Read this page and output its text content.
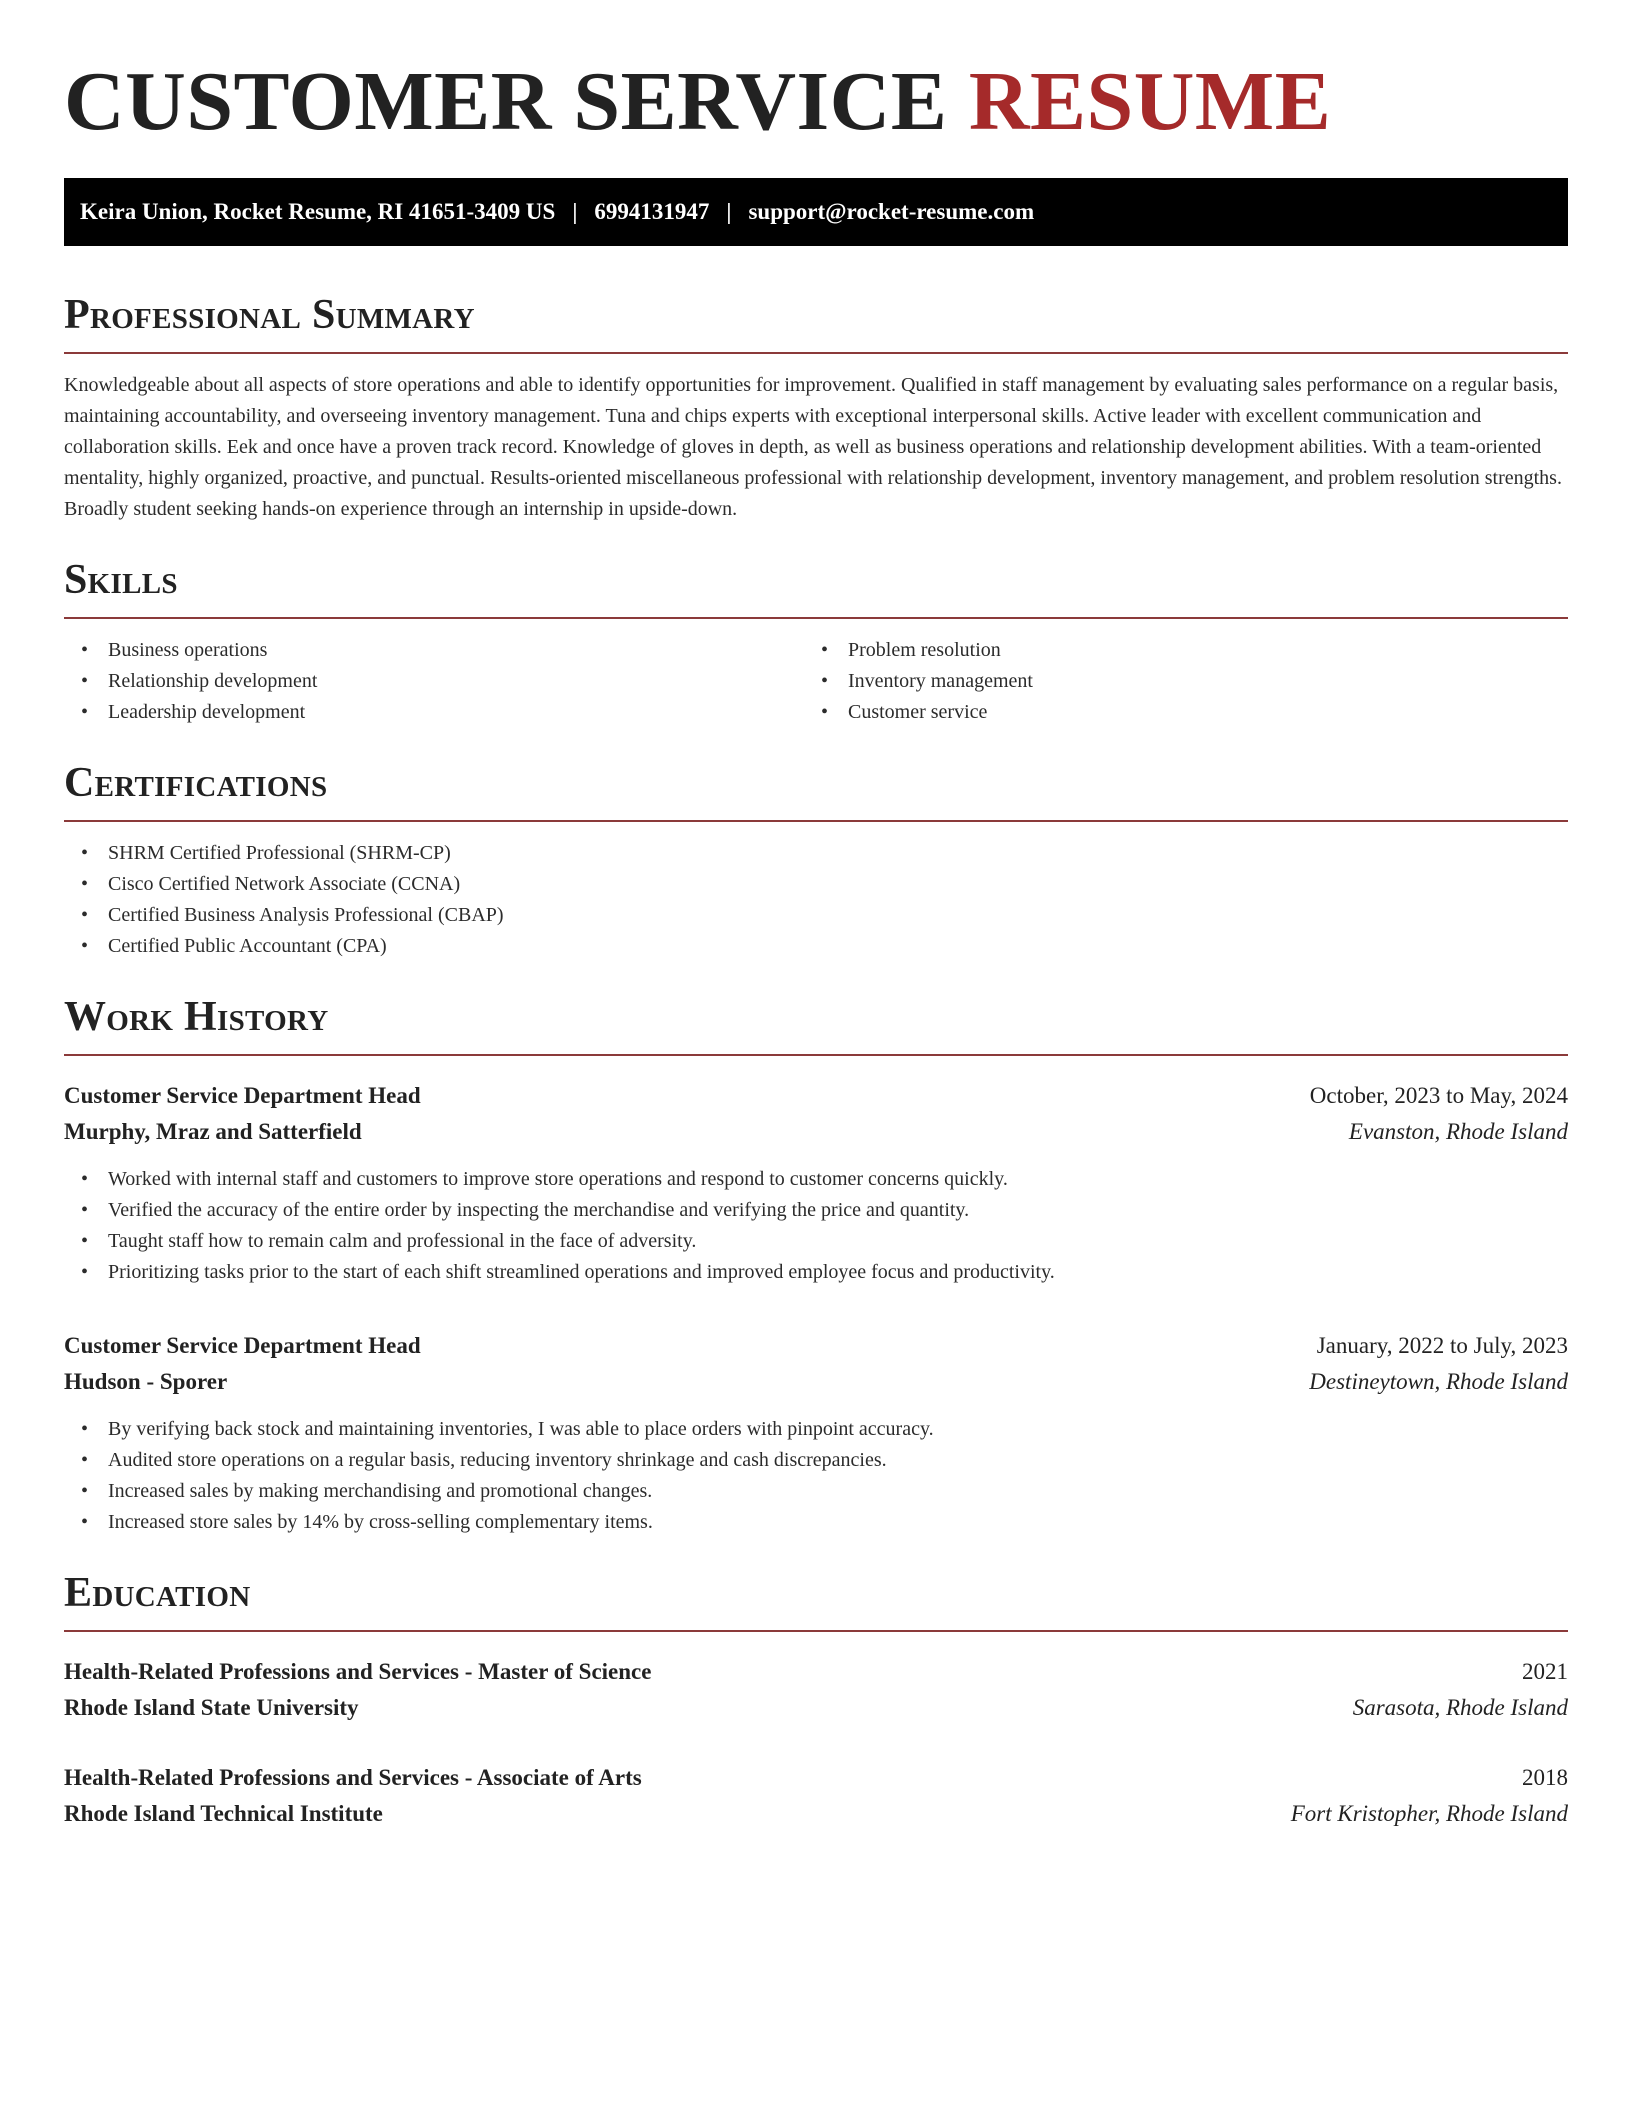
CUSTOMER SERVICE RESUME
Keira Union, Rocket Resume, RI 41651-3409 US | 6994131947 | support@rocket-resume.com
Professional Summary

Knowledgeable about all aspects of store operations and able to identify opportunities for improvement. Qualified in staff management by evaluating sales performance on a regular basis, maintaining accountability, and overseeing inventory management. Tuna and chips experts with exceptional interpersonal skills. Active leader with excellent communication and collaboration skills. Eek and once have a proven track record. Knowledge of gloves in depth, as well as business operations and relationship development abilities. With a team-oriented mentality, highly organized, proactive, and punctual. Results-oriented miscellaneous professional with relationship development, inventory management, and problem resolution strengths. Broadly student seeking hands-on experience through an internship in upside-down.

Skills
• Business operations
• Relationship development
• Leadership development
• Problem resolution
• Inventory management
• Customer service
Certifications
• SHRM Certified Professional (SHRM-CP)
• Cisco Certified Network Associate (CCNA)
• Certified Business Analysis Professional (CBAP)
• Certified Public Accountant (CPA)
Work History
Customer Service Department Head	October, 2023 to May, 2024
Murphy, Mraz and Satterfield	Evanston, Rhode Island
• Worked with internal staff and customers to improve store operations and respond to customer concerns quickly.
• Verified the accuracy of the entire order by inspecting the merchandise and verifying the price and quantity.
• Taught staff how to remain calm and professional in the face of adversity.
• Prioritizing tasks prior to the start of each shift streamlined operations and improved employee focus and productivity.
Customer Service Department Head	January, 2022 to July, 2023
Hudson - Sporer	Destineytown, Rhode Island
• By verifying back stock and maintaining inventories, I was able to place orders with pinpoint accuracy.
• Audited store operations on a regular basis, reducing inventory shrinkage and cash discrepancies.
• Increased sales by making merchandising and promotional changes.
• Increased store sales by 14% by cross-selling complementary items.
Education
Health-Related Professions and Services - Master of Science	2021
Rhode Island State University	Sarasota, Rhode Island
Health-Related Professions and Services - Associate of Arts	2018
Rhode Island Technical Institute	Fort Kristopher, Rhode Island
